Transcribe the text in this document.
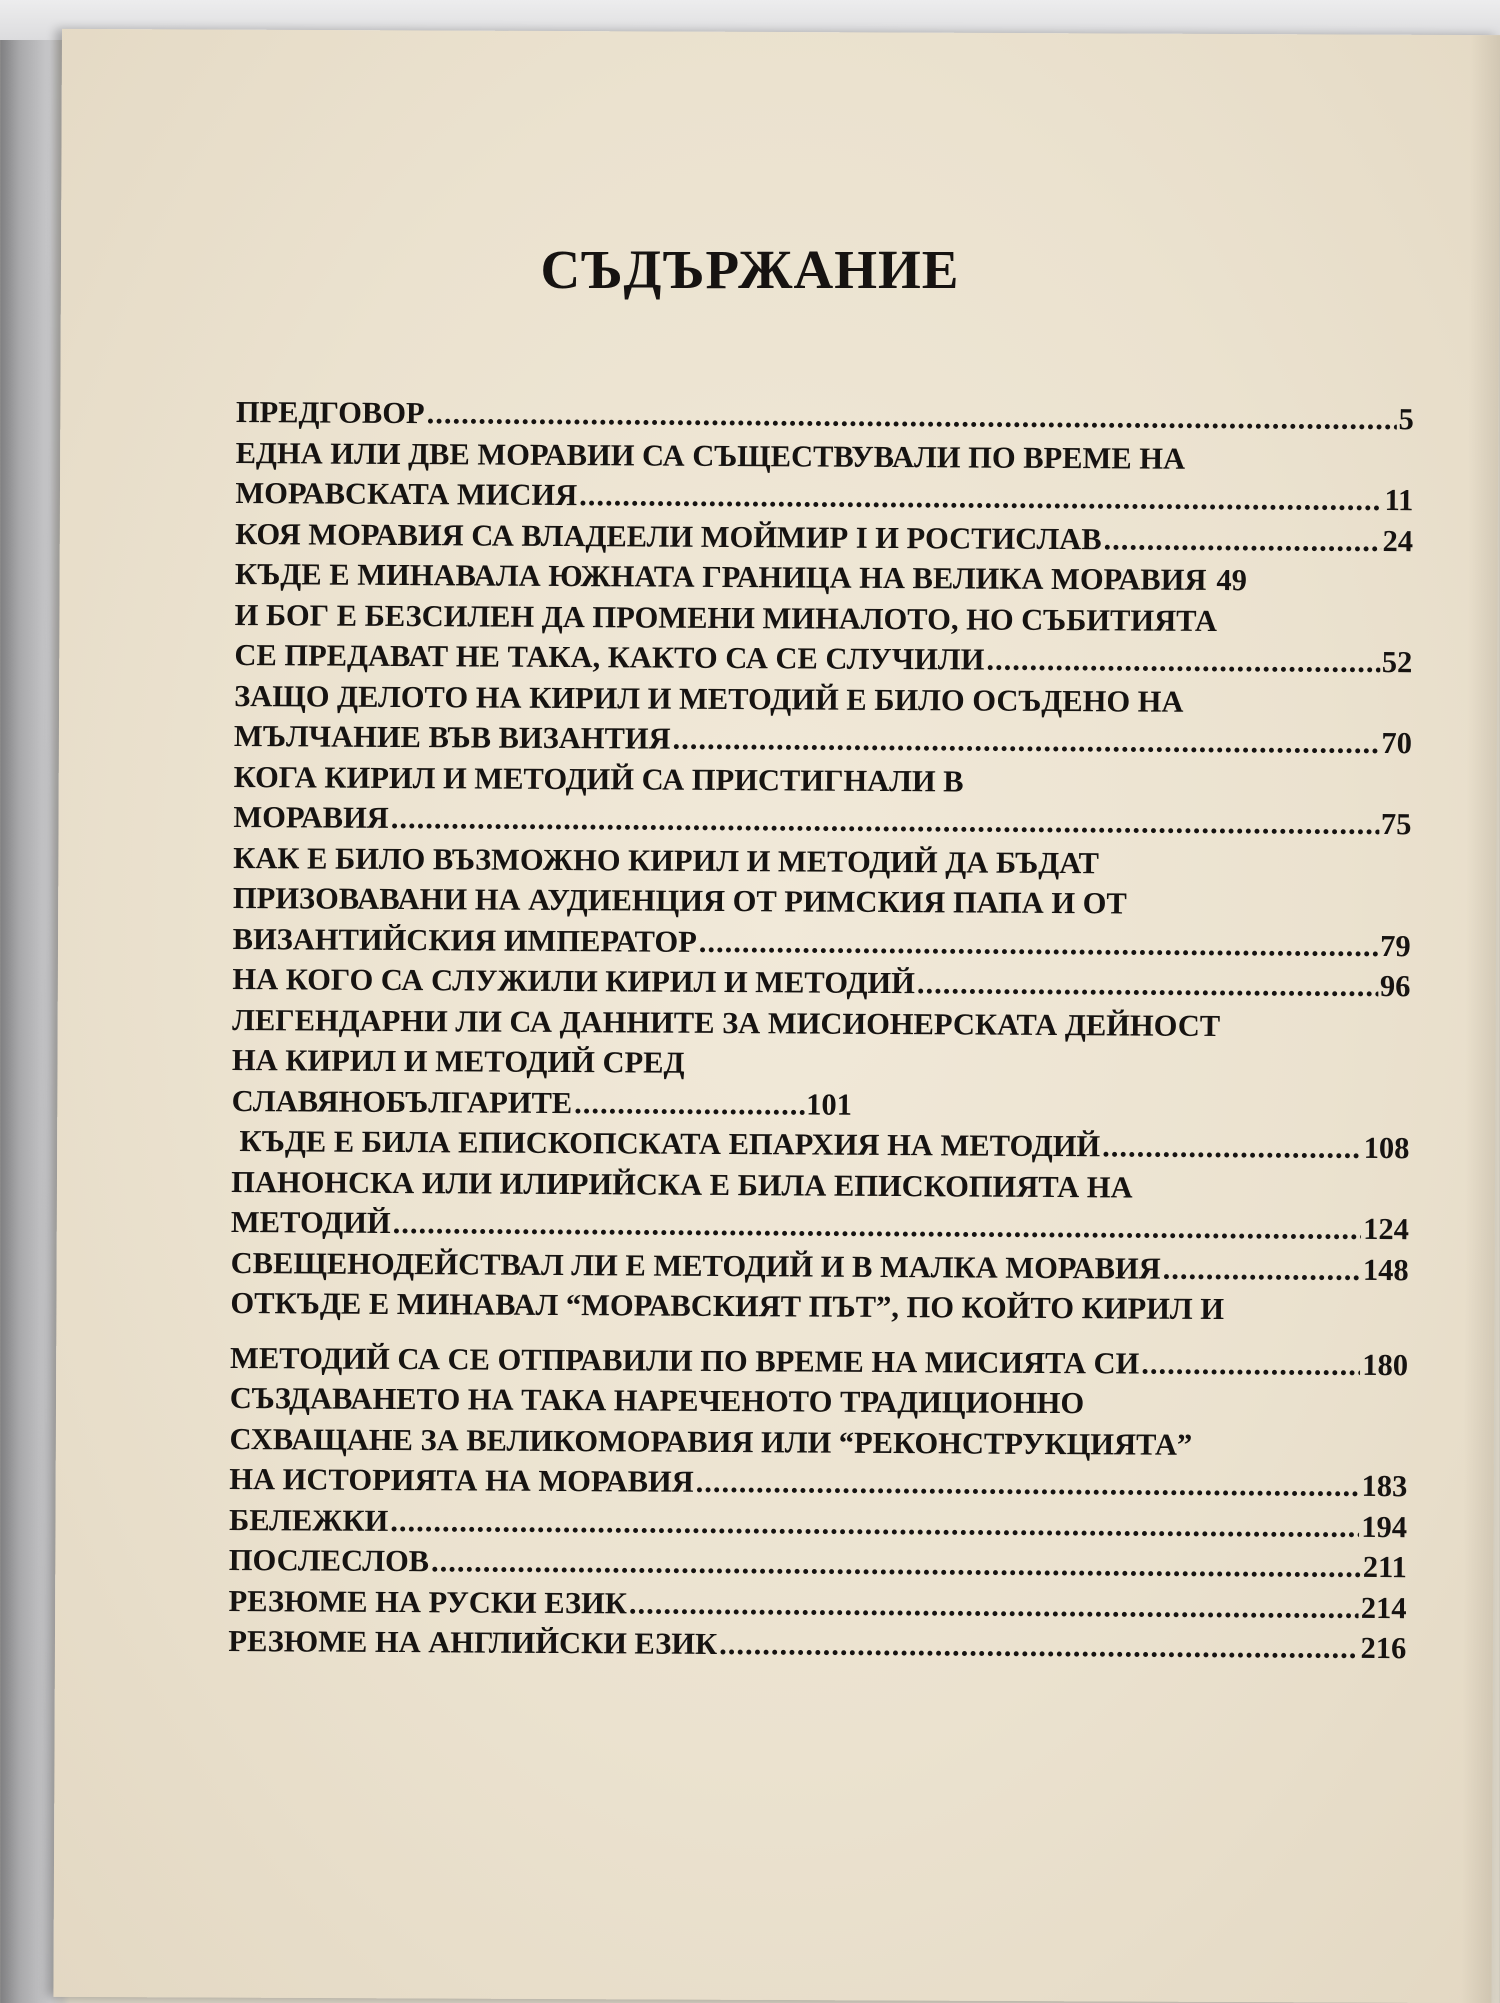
СЪДЪРЖАНИЕ
ПРЕДГОВОР .....	5
ЕДНА ИЛИ ДВЕ МОРАВИИ СА СЪЩЕСТВУВАЛИ ПО ВРЕМЕ НА
МОРАВСКАТА МИСИЯ .....	11
КОЯ МОРАВИЯ СА ВЛАДЕЕЛИ МОЙМИР І И РОСТИСЛАВ .....	24
КЪДЕ Е МИНАВАЛА ЮЖНАТА ГРАНИЦА НА ВЕЛИКА МОРАВИЯ 49
И БОГ Е БЕЗСИЛЕН ДА ПРОМЕНИ МИНАЛОТО, НО СЪБИТИЯТА
СЕ ПРЕДАВАТ НЕ ТАКА, КАКТО СА СЕ СЛУЧИЛИ .....	52
ЗАЩО ДЕЛОТО НА КИРИЛ И МЕТОДИЙ Е БИЛО ОСЪДЕНО НА
МЪЛЧАНИЕ ВЪВ ВИЗАНТИЯ .....	70
КОГА КИРИЛ И МЕТОДИЙ СА ПРИСТИГНАЛИ В
МОРАВИЯ .....	75
КАК Е БИЛО ВЪЗМОЖНО КИРИЛ И МЕТОДИЙ ДА БЪДАТ
ПРИЗОВАВАНИ НА АУДИЕНЦИЯ ОТ РИМСКИЯ ПАПА И ОТ
ВИЗАНТИЙСКИЯ ИМПЕРАТОР .....	79
НА КОГО СА СЛУЖИЛИ КИРИЛ И МЕТОДИЙ .....	96
ЛЕГЕНДАРНИ ЛИ СА ДАННИТЕ ЗА МИСИОНЕРСКАТА ДЕЙНОСТ
НА КИРИЛ И МЕТОДИЙ СРЕД
СЛАВЯНОБЪЛГАРИТЕ .....	101
КЪДЕ Е БИЛА ЕПИСКОПСКАТА ЕПАРХИЯ НА МЕТОДИЙ .....	108
ПАНОНСКА ИЛИ ИЛИРИЙСКА Е БИЛА ЕПИСКОПИЯТА НА
МЕТОДИЙ .....	124
СВЕЩЕНОДЕЙСТВАЛ ЛИ Е МЕТОДИЙ И В МАЛКА МОРАВИЯ .....	148
ОТКЪДЕ Е МИНАВАЛ “МОРАВСКИЯТ ПЪТ”, ПО КОЙТО КИРИЛ И
МЕТОДИЙ СА СЕ ОТПРАВИЛИ ПО ВРЕМЕ НА МИСИЯТА СИ .....	180
СЪЗДАВАНЕТО НА ТАКА НАРЕЧЕНОТО ТРАДИЦИОННО
СХВАЩАНЕ ЗА ВЕЛИКОМОРАВИЯ ИЛИ “РЕКОНСТРУКЦИЯТА”
НА ИСТОРИЯТА НА МОРАВИЯ .....	183
БЕЛЕЖКИ .....	194
ПОСЛЕСЛОВ .....	211
РЕЗЮМЕ НА РУСКИ ЕЗИК .....	214
РЕЗЮМЕ НА АНГЛИЙСКИ ЕЗИК .....	216
